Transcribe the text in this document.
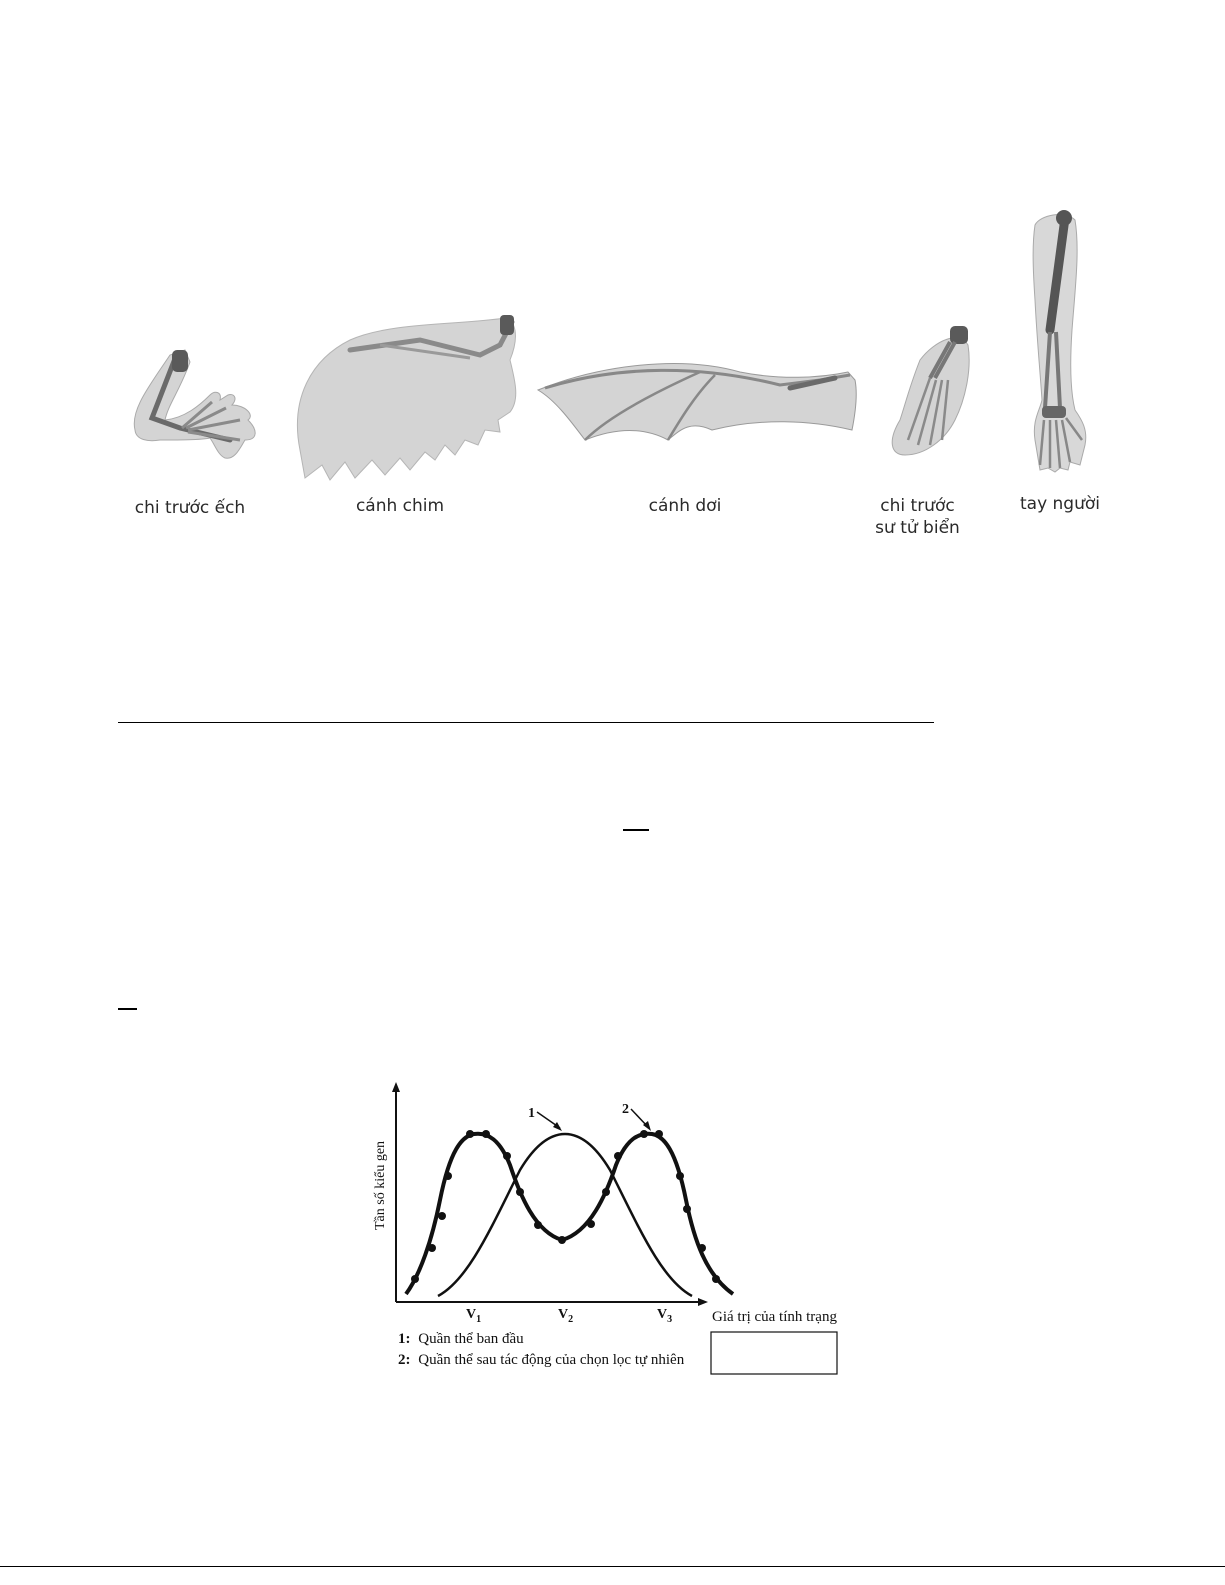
chi trước ếch	cánh chim	cánh dơi	chi trước
sư tử biển
tay người
1	2
Tần số kiểu gen
$V_1$	$V_2$	$V_3$	Giá trị của tính trạng
1: Quần thể ban đầu
2: Quần thể sau tác động của chọn lọc tự nhiên
